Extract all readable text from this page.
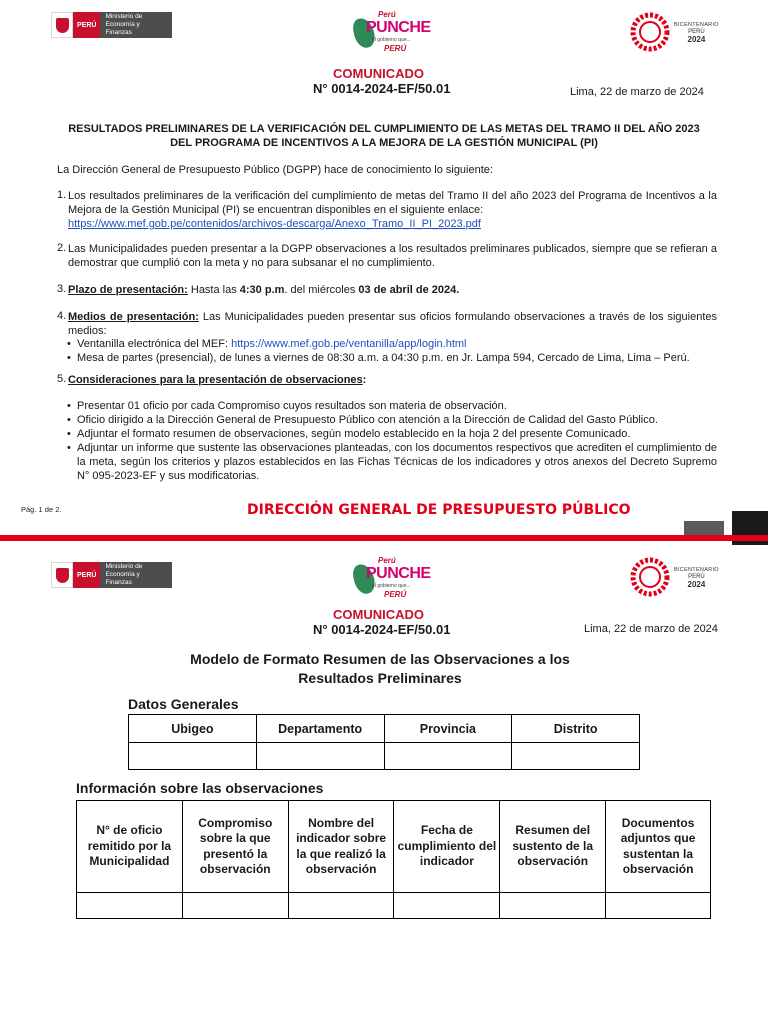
PERÚ
Ministerio de Economía y Finanzas
Perú
PUNCHE
el gobierno que...
PERÚ
BICENTENARIO
PERÚ
2024
COMUNICADO
N° 0014-2024-EF/50.01	Lima, 22 de marzo de 2024
RESULTADOS PRELIMINARES DE LA VERIFICACIÓN DEL CUMPLIMIENTO DE LAS METAS DEL TRAMO II DEL AÑO 2023
DEL PROGRAMA DE INCENTIVOS A LA MEJORA DE LA GESTIÓN MUNICIPAL (PI)
La Dirección General de Presupuesto Público (DGPP) hace de conocimiento lo siguiente:
1. Los resultados preliminares de la verificación del cumplimiento de metas del Tramo II del año 2023 del Programa de Incentivos a la Mejora de la Gestión Municipal (PI) se encuentran disponibles en el siguiente enlace:
https://www.mef.gob.pe/contenidos/archivos-descarga/Anexo_Tramo_II_PI_2023.pdf
2. Las Municipalidades pueden presentar a la DGPP observaciones a los resultados preliminares publicados, siempre que se refieran a demostrar que cumplió con la meta y no para subsanar el no cumplimiento.
3. Plazo de presentación: Hasta las 4:30 p.m. del miércoles 03 de abril de 2024.
4. Medios de presentación: Las Municipalidades pueden presentar sus oficios formulando observaciones a través de los siguientes medios:
• Ventanilla electrónica del MEF: https://www.mef.gob.pe/ventanilla/app/login.html
• Mesa de partes (presencial), de lunes a viernes de 08:30 a.m. a 04:30 p.m. en Jr. Lampa 594, Cercado de Lima, Lima – Perú.
5. Consideraciones para la presentación de observaciones:
• Presentar 01 oficio por cada Compromiso cuyos resultados son materia de observación.
• Oficio dirigido a la Dirección General de Presupuesto Público con atención a la Dirección de Calidad del Gasto Público.
• Adjuntar el formato resumen de observaciones, según modelo establecido en la hoja 2 del presente Comunicado.
• Adjuntar un informe que sustente las observaciones planteadas, con los documentos respectivos que acrediten el cumplimiento de la meta, según los criterios y plazos establecidos en las Fichas Técnicas de los indicadores y otros anexos del Decreto Supremo N° 095-2023-EF y sus modificatorias.
Pág. 1 de 2.	DIRECCIÓN GENERAL DE PRESUPUESTO PÚBLICO
PERÚ
Ministerio de Economía y Finanzas
Perú
PUNCHE
el gobierno que...
PERÚ
BICENTENARIO
PERÚ
2024
COMUNICADO
N° 0014-2024-EF/50.01	Lima, 22 de marzo de 2024
Modelo de Formato Resumen de las Observaciones a los
Resultados Preliminares
Datos Generales
Ubigeo	Departamento	Provincia	Distrito

Información sobre las observaciones
N° de oficio remitido por la Municipalidad	Compromiso sobre la que presentó la observación	Nombre del indicador sobre la que realizó la observación	Fecha de cumplimiento del indicador	Resumen del sustento de la observación	Documentos adjuntos que sustentan la observación
